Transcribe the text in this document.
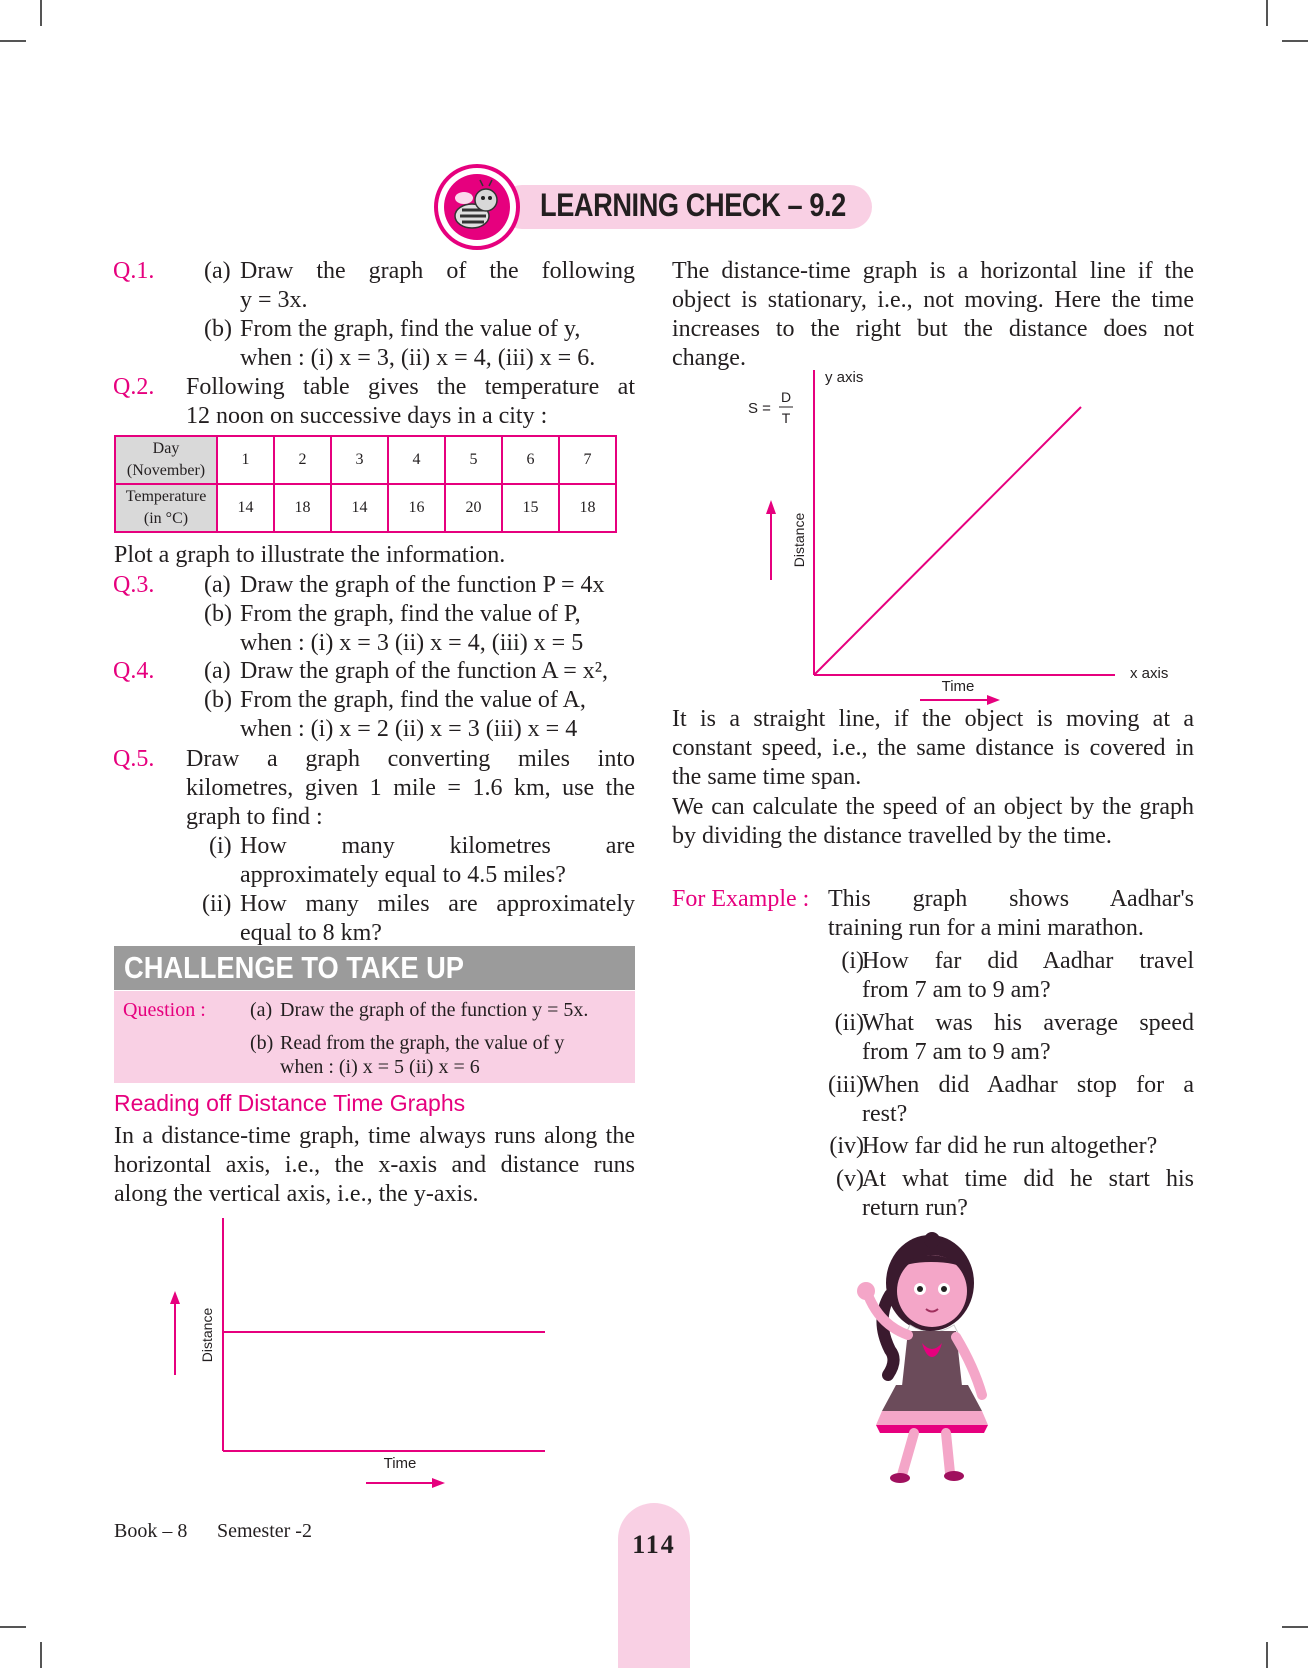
LEARNING CHECK – 9.2
Q.1. (a) Draw the graph of the following
y = 3x.
(b) From the graph, find the value of y,
when : (i) x = 3, (ii) x = 4, (iii) x = 6.
Q.2. Following table gives the temperature at
12 noon on successive days in a city :
Day
(November)	1	2	3	4	5	6	7
Temperature
(in °C)	14	18	14	16	20	15	18
Plot a graph to illustrate the information.
Q.3. (a) Draw the graph of the function P = 4x
(b) From the graph, find the value of P,
when : (i) x = 3 (ii) x = 4, (iii) x = 5
Q.4. (a) Draw the graph of the function A = x²,
(b) From the graph, find the value of A,
when : (i) x = 2 (ii) x = 3 (iii) x = 4
Q.5. Draw a graph converting miles into
kilometres, given 1 mile = 1.6 km, use the
graph to find :
(i) How many kilometres are
approximately equal to 4.5 miles?
(ii) How many miles are approximately
equal to 8 km?
CHALLENGE TO TAKE UP
Question : (a) Draw the graph of the function y = 5x.
(b) Read from the graph, the value of y
when : (i) x = 5 (ii) x = 6
Reading off Distance Time Graphs
In a distance-time graph, time always runs along the horizontal axis, i.e., the x-axis and distance runs along the vertical axis, i.e., the y-axis.
Distance
Time
The distance-time graph is a horizontal line if the object is stationary, i.e., not moving. Here the time increases to the right but the distance does not change.
y axis
x axis
Distance
Time
S =
D
T
It is a straight line, if the object is moving at a constant speed, i.e., the same distance is covered in the same time span.
We can calculate the speed of an object by the graph by dividing the distance travelled by the time.
For Example : This graph shows Aadhar's
training run for a mini marathon.
(i)
How far did Aadhar travel
from 7 am to 9 am?
(ii)
What was his average speed
from 7 am to 9 am?
(iii)
When did Aadhar stop for a
rest?
(iv)
How far did he run altogether?
(v)
At what time did he start his
return run?
Book – 8 Semester -2	114
